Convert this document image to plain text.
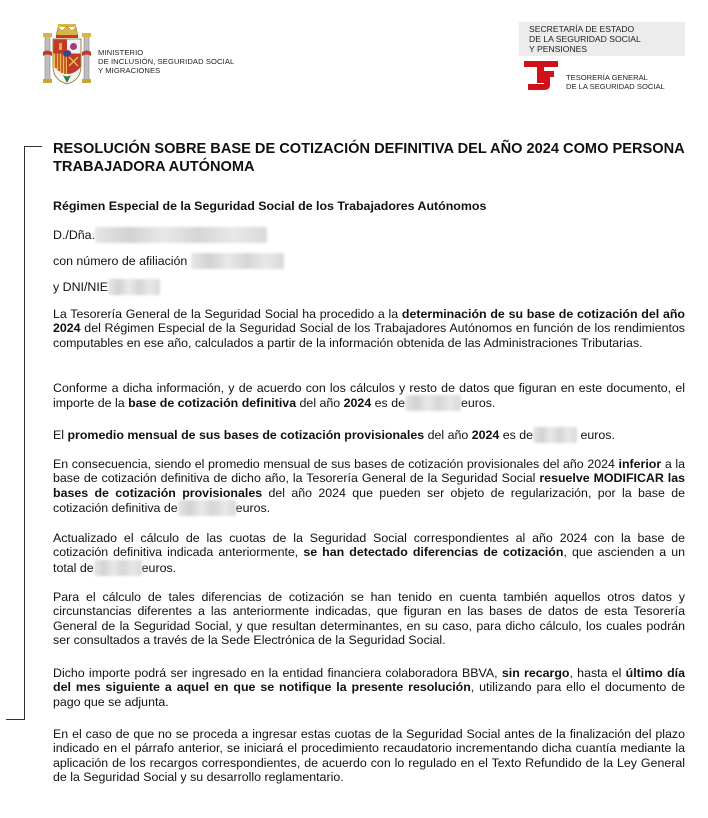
MINISTERIO
DE INCLUSIÓN, SEGURIDAD SOCIAL
Y MIGRACIONES
SECRETARÍA DE ESTADO
DE LA SEGURIDAD SOCIAL
Y PENSIONES
TESORERÍA GENERAL
DE LA SEGURIDAD SOCIAL
RESOLUCIÓN SOBRE BASE DE COTIZACIÓN DEFINITIVA DEL AÑO 2024 COMO PERSONA TRABAJADORA AUTÓNOMA
Régimen Especial de la Seguridad Social de los Trabajadores Autónomos
D./Dña.
con número de afiliación
y DNI/NIE

La Tesorería General de la Seguridad Social ha procedido a la determinación de su base de cotización del año 2024 del Régimen Especial de la Seguridad Social de los Trabajadores Autónomos en función de los rendimientos computables en ese año, calculados a partir de la información obtenida de las Administraciones Tributarias.

Conforme a dicha información, y de acuerdo con los cálculos y resto de datos que figuran en este documento, el importe de la base de cotización definitiva del año 2024 es de	euros.

El promedio mensual de sus bases de cotización provisionales del año 2024 es de	euros.

En consecuencia, siendo el promedio mensual de sus bases de cotización provisionales del año 2024 inferior a la base de cotización definitiva de dicho año, la Tesorería General de la Seguridad Social resuelve MODIFICAR las bases de cotización provisionales del año 2024 que pueden ser objeto de regularización, por la base de cotización definitiva de	euros.

Actualizado el cálculo de las cuotas de la Seguridad Social correspondientes al año 2024 con la base de cotización definitiva indicada anteriormente, se han detectado diferencias de cotización, que ascienden a un total de	euros.

Para el cálculo de tales diferencias de cotización se han tenido en cuenta también aquellos otros datos y circunstancias diferentes a las anteriormente indicadas, que figuran en las bases de datos de esta Tesorería General de la Seguridad Social, y que resultan determinantes, en su caso, para dicho cálculo, los cuales podrán ser consultados a través de la Sede Electrónica de la Seguridad Social.

Dicho importe podrá ser ingresado en la entidad financiera colaboradora BBVA, sin recargo, hasta el último día del mes siguiente a aquel en que se notifique la presente resolución, utilizando para ello el documento de pago que se adjunta.

En el caso de que no se proceda a ingresar estas cuotas de la Seguridad Social antes de la finalización del plazo indicado en el párrafo anterior, se iniciará el procedimiento recaudatorio incrementando dicha cuantía mediante la aplicación de los recargos correspondientes, de acuerdo con lo regulado en el Texto Refundido de la Ley General de la Seguridad Social y su desarrollo reglamentario.
